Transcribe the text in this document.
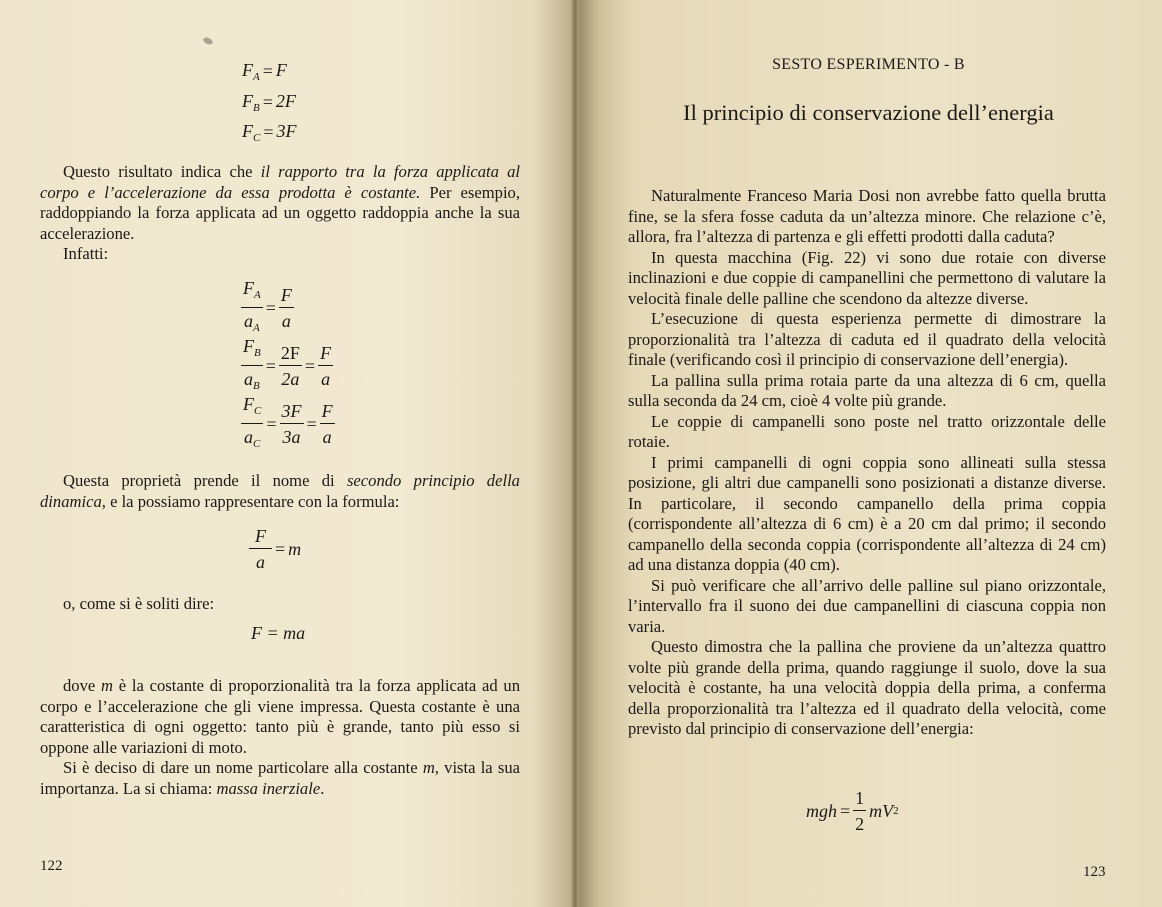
$F_A = F$
$F_B = 2F$
$F_C = 3F$

Questo risultato indica che il rapporto tra la forza applicata al corpo e l’accelerazione da essa prodotta è costante. Per esempio, raddoppiando la forza applicata ad un oggetto raddoppia anche la sua accelerazione.

Infatti:

$\frac{F_A}{a_A} = \frac{F}{a}$
$\frac{F_B}{a_B} = \frac{2F}{2a} = \frac{F}{a}$
$\frac{F_C}{a_C} = \frac{3F}{3a} = \frac{F}{a}$

Questa proprietà prende il nome di secondo principio della dinamica, e la possiamo rappresentare con la formula:

$\frac{F}{a} = m$

o, come si è soliti dire:

F = ma

dove m è la costante di proporzionalità tra la forza applicata ad un corpo e l’accelerazione che gli viene impressa. Questa costante è una caratteristica di ogni oggetto: tanto più è grande, tanto più esso si oppone alle variazioni di moto.

Si è deciso di dare un nome particolare alla costante m, vista la sua importanza. La si chiama: massa inerziale.

122
SESTO ESPERIMENTO - B
Il principio di conservazione dell’energia

Naturalmente Franceso Maria Dosi non avrebbe fatto quella brutta fine, se la sfera fosse caduta da un’altezza minore. Che relazione c’è, allora, fra l’altezza di partenza e gli effetti prodotti dalla caduta?

In questa macchina (Fig. 22) vi sono due rotaie con diverse inclinazioni e due coppie di campanellini che permettono di valutare la velocità finale delle palline che scendono da altezze diverse.

L’esecuzione di questa esperienza permette di dimostrare la proporzionalità tra l’altezza di caduta ed il quadrato della velocità finale (verificando così il principio di conservazione dell’energia).

La pallina sulla prima rotaia parte da una altezza di 6 cm, quella sulla seconda da 24 cm, cioè 4 volte più grande.

Le coppie di campanelli sono poste nel tratto orizzontale delle rotaie.

I primi campanelli di ogni coppia sono allineati sulla stessa posizione, gli altri due campanelli sono posizionati a distanze diverse. In particolare, il secondo campanello della prima coppia (corrispondente all’altezza di 6 cm) è a 20 cm dal primo; il secondo campanello della seconda coppia (corrispondente all’altezza di 24 cm) ad una distanza doppia (40 cm).

Si può verificare che all’arrivo delle palline sul piano orizzontale, l’intervallo fra il suono dei due campanellini di ciascuna coppia non varia.

Questo dimostra che la pallina che proviene da un’altezza quattro volte più grande della prima, quando raggiunge il suolo, dove la sua velocità è costante, ha una velocità doppia della prima, a conferma della proporzionalità tra l’altezza ed il quadrato della velocità, come previsto dal principio di conservazione dell’energia:

mgh = $\frac{1}{2}$ mV 2
123
